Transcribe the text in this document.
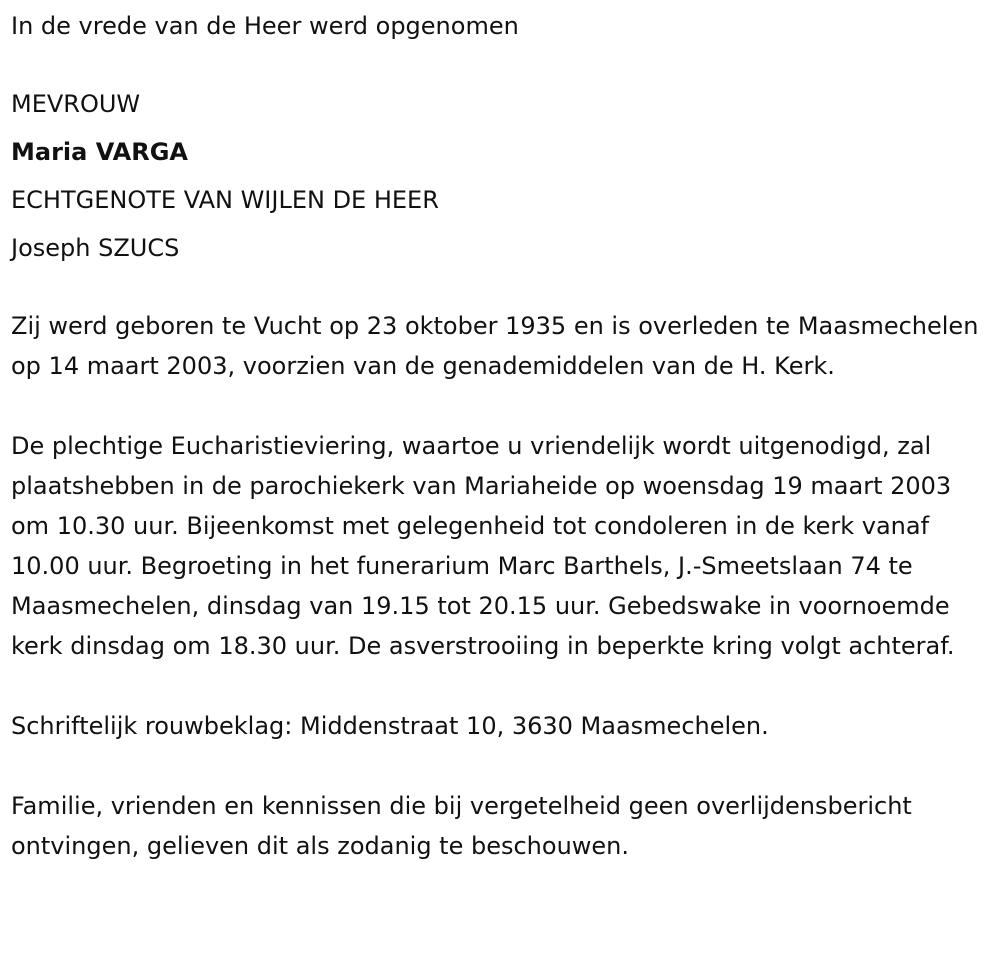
In de vrede van de Heer werd opgenomen

MEVROUW

Maria VARGA

ECHTGENOTE VAN WIJLEN DE HEER

Joseph SZUCS

Zij werd geboren te Vucht op 23 oktober 1935 en is overleden te Maasmechelen op 14 maart 2003, voorzien van de genademiddelen van de H. Kerk.

De plechtige Eucharistieviering, waartoe u vriendelijk wordt uitgenodigd, zal plaatshebben in de parochiekerk van Mariaheide op woensdag 19 maart 2003 om 10.30 uur. Bijeenkomst met gelegenheid tot condoleren in de kerk vanaf 10.00 uur. Begroeting in het funerarium Marc Barthels, J.-Smeetslaan 74 te Maasmechelen, dinsdag van 19.15 tot 20.15 uur. Gebedswake in voornoemde kerk dinsdag om 18.30 uur. De asverstrooiing in beperkte kring volgt achteraf.

Schriftelijk rouwbeklag: Middenstraat 10, 3630 Maasmechelen.

Familie, vrienden en kennissen die bij vergetelheid geen overlijdensbericht ontvingen, gelieven dit als zodanig te beschouwen.
